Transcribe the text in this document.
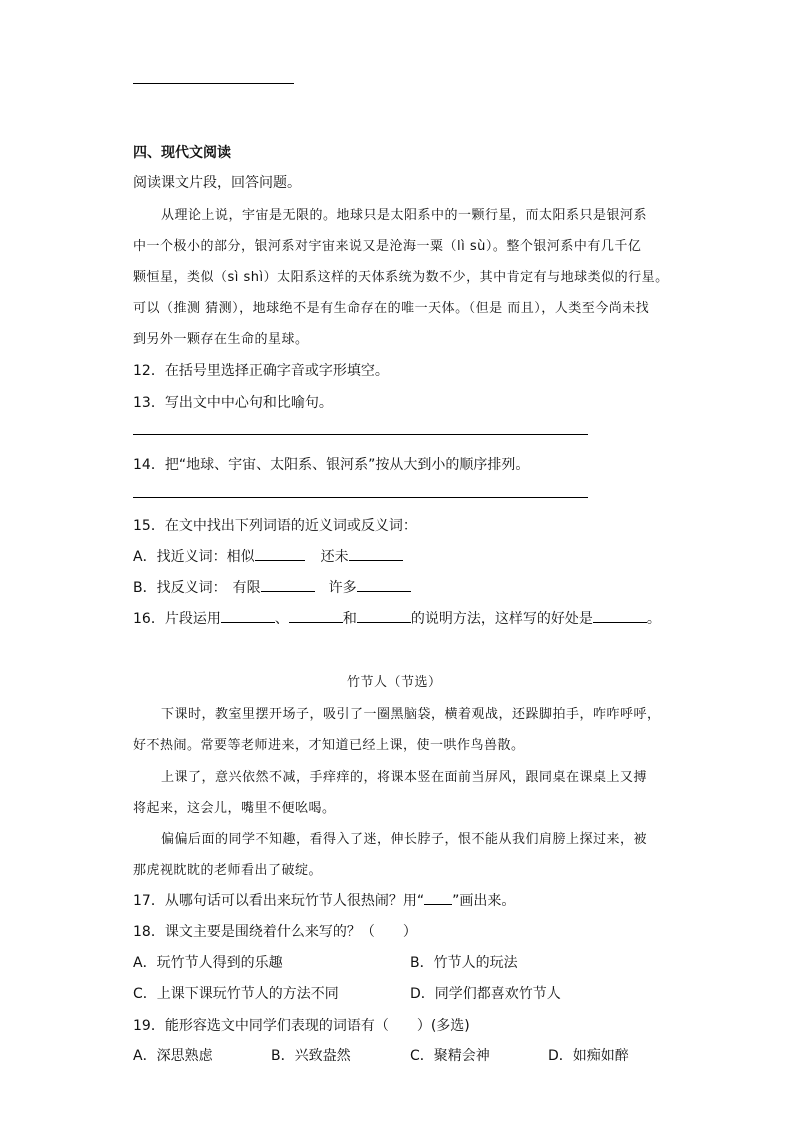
四、现代文阅读
阅读课文片段，回答问题。
从理论上说，宇宙是无限的。地球只是太阳系中的一颗行星，而太阳系只是银河系
中一个极小的部分，银河系对宇宙来说又是沧海一粟（lì sù）。整个银河系中有几千亿
颗恒星，类似（sì shì）太阳系这样的天体系统为数不少，其中肯定有与地球类似的行星。
可以（推测 猜测），地球绝不是有生命存在的唯一天体。（但是 而且），人类至今尚未找
到另外一颗存在生命的星球。
12．在括号里选择正确字音或字形填空。
13．写出文中中心句和比喻句。
14．把“地球、宇宙、太阳系、银河系”按从大到小的顺序排列。
15．在文中找出下列词语的近义词或反义词：
A．找近义词：相似	还未
B．找反义词： 有限	许多
16．片段运用	、	和	的说明方法，这样写的好处是	。
竹节人（节选）
下课时，教室里摆开场子，吸引了一圈黑脑袋，横着观战，还跺脚拍手，咋咋呼呼，
好不热闹。常要等老师进来，才知道已经上课，使一哄作鸟兽散。
上课了，意兴依然不减，手痒痒的，将课本竖在面前当屏风，跟同桌在课桌上又搏
将起来，这会儿，嘴里不便吆喝。
偏偏后面的同学不知趣，看得入了迷，伸长脖子，恨不能从我们肩膀上探过来，被
那虎视眈眈的老师看出了破绽。
17．从哪句话可以看出来玩竹节人很热闹？用“ ”画出来。
18．课文主要是围绕着什么来写的？（　　）
A．玩竹节人得到的乐趣	B．竹节人的玩法
C．上课下课玩竹节人的方法不同	D．同学们都喜欢竹节人
19．能形容选文中同学们表现的词语有（　　）(多选)
A．深思熟虑	B．兴致盎然	C．聚精会神	D．如痴如醉
